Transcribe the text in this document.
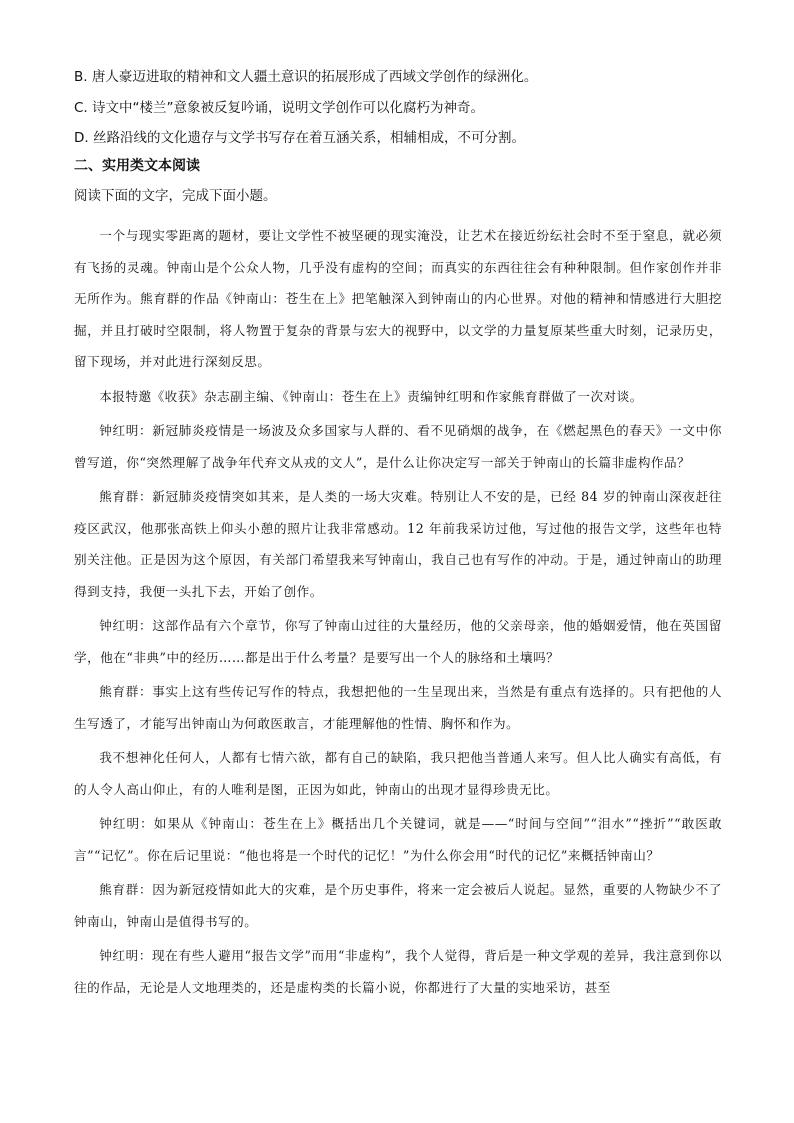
B. 唐人豪迈进取的精神和文人疆土意识的拓展形成了西域文学创作的绿洲化。
C. 诗文中“楼兰”意象被反复吟诵，说明文学创作可以化腐朽为神奇。
D. 丝路沿线的文化遗存与文学书写存在着互涵关系，相辅相成，不可分割。
二、实用类文本阅读
阅读下面的文字，完成下面小题。

一个与现实零距离的题材，要让文学性不被坚硬的现实淹没，让艺术在接近纷纭社会时不至于窒息，就必须有飞扬的灵魂。钟南山是个公众人物，几乎没有虚构的空间；而真实的东西往往会有种种限制。但作家创作并非无所作为。熊育群的作品《钟南山：苍生在上》把笔触深入到钟南山的内心世界。对他的精神和情感进行大胆挖掘，并且打破时空限制，将人物置于复杂的背景与宏大的视野中，以文学的力量复原某些重大时刻，记录历史，留下现场，并对此进行深刻反思。

本报特邀《收获》杂志副主编、《钟南山：苍生在上》责编钟红明和作家熊育群做了一次对谈。

钟红明：新冠肺炎疫情是一场波及众多国家与人群的、看不见硝烟的战争，在《燃起黑色的春天》一文中你曾写道，你“突然理解了战争年代弃文从戎的文人”，是什么让你决定写一部关于钟南山的长篇非虚构作品？

熊育群：新冠肺炎疫情突如其来，是人类的一场大灾难。特别让人不安的是，已经 84 岁的钟南山深夜赶往疫区武汉，他那张高铁上仰头小憩的照片让我非常感动。12 年前我采访过他，写过他的报告文学，这些年也特别关注他。正是因为这个原因，有关部门希望我来写钟南山，我自己也有写作的冲动。于是，通过钟南山的助理得到支持，我便一头扎下去，开始了创作。

钟红明：这部作品有六个章节，你写了钟南山过往的大量经历，他的父亲母亲，他的婚姻爱情，他在英国留学，他在“非典”中的经历……都是出于什么考量？是要写出一个人的脉络和土壤吗？

熊育群：事实上这有些传记写作的特点，我想把他的一生呈现出来，当然是有重点有选择的。只有把他的人生写透了，才能写出钟南山为何敢医敢言，才能理解他的性情、胸怀和作为。

我不想神化任何人，人都有七情六欲，都有自己的缺陷，我只把他当普通人来写。但人比人确实有高低，有的人令人高山仰止，有的人唯利是图，正因为如此，钟南山的出现才显得珍贵无比。

钟红明：如果从《钟南山：苍生在上》概括出几个关键词，就是——“时间与空间”“泪水”“挫折”“敢医敢言”“记忆”。你在后记里说：“他也将是一个时代的记忆！”为什么你会用“时代的记忆”来概括钟南山？

熊育群：因为新冠疫情如此大的灾难，是个历史事件，将来一定会被后人说起。显然，重要的人物缺少不了钟南山，钟南山是值得书写的。

钟红明：现在有些人避用“报告文学”而用“非虚构”，我个人觉得，背后是一种文学观的差异，我注意到你以往的作品，无论是人文地理类的，还是虚构类的长篇小说，你都进行了大量的实地采访，甚至
